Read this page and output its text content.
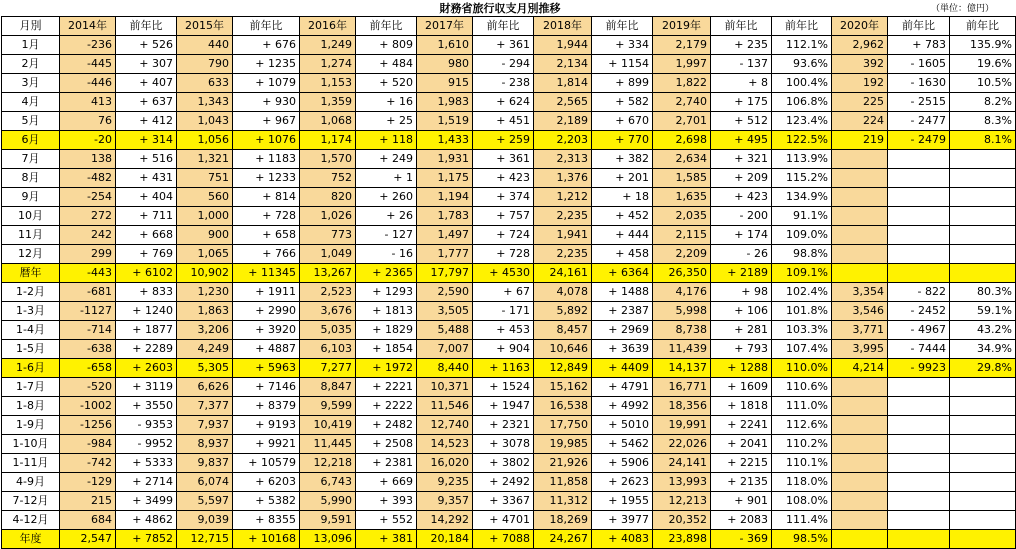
財務省旅行収支月別推移	（単位：億円）
月別	2014年	前年比	2015年	前年比	2016年	前年比	2017年	前年比	2018年	前年比	2019年	前年比	前年比	2020年	前年比	前年比
1月	-236	+ 526	440	+ 676	1,249	+ 809	1,610	+ 361	1,944	+ 334	2,179	+ 235	112.1%	2,962	+ 783	135.9%
2月	-445	+ 307	790	+ 1235	1,274	+ 484	980	- 294	2,134	+ 1154	1,997	- 137	93.6%	392	- 1605	19.6%
3月	-446	+ 407	633	+ 1079	1,153	+ 520	915	- 238	1,814	+ 899	1,822	+ 8	100.4%	192	- 1630	10.5%
4月	413	+ 637	1,343	+ 930	1,359	+ 16	1,983	+ 624	2,565	+ 582	2,740	+ 175	106.8%	225	- 2515	8.2%
5月	76	+ 412	1,043	+ 967	1,068	+ 25	1,519	+ 451	2,189	+ 670	2,701	+ 512	123.4%	224	- 2477	8.3%
6月	-20	+ 314	1,056	+ 1076	1,174	+ 118	1,433	+ 259	2,203	+ 770	2,698	+ 495	122.5%	219	- 2479	8.1%
7月	138	+ 516	1,321	+ 1183	1,570	+ 249	1,931	+ 361	2,313	+ 382	2,634	+ 321	113.9%			
8月	-482	+ 431	751	+ 1233	752	+ 1	1,175	+ 423	1,376	+ 201	1,585	+ 209	115.2%			
9月	-254	+ 404	560	+ 814	820	+ 260	1,194	+ 374	1,212	+ 18	1,635	+ 423	134.9%			
10月	272	+ 711	1,000	+ 728	1,026	+ 26	1,783	+ 757	2,235	+ 452	2,035	- 200	91.1%			
11月	242	+ 668	900	+ 658	773	- 127	1,497	+ 724	1,941	+ 444	2,115	+ 174	109.0%			
12月	299	+ 769	1,065	+ 766	1,049	- 16	1,777	+ 728	2,235	+ 458	2,209	- 26	98.8%			
暦年	-443	+ 6102	10,902	+ 11345	13,267	+ 2365	17,797	+ 4530	24,161	+ 6364	26,350	+ 2189	109.1%			
1-2月	-681	+ 833	1,230	+ 1911	2,523	+ 1293	2,590	+ 67	4,078	+ 1488	4,176	+ 98	102.4%	3,354	- 822	80.3%
1-3月	-1127	+ 1240	1,863	+ 2990	3,676	+ 1813	3,505	- 171	5,892	+ 2387	5,998	+ 106	101.8%	3,546	- 2452	59.1%
1-4月	-714	+ 1877	3,206	+ 3920	5,035	+ 1829	5,488	+ 453	8,457	+ 2969	8,738	+ 281	103.3%	3,771	- 4967	43.2%
1-5月	-638	+ 2289	4,249	+ 4887	6,103	+ 1854	7,007	+ 904	10,646	+ 3639	11,439	+ 793	107.4%	3,995	- 7444	34.9%
1-6月	-658	+ 2603	5,305	+ 5963	7,277	+ 1972	8,440	+ 1163	12,849	+ 4409	14,137	+ 1288	110.0%	4,214	- 9923	29.8%
1-7月	-520	+ 3119	6,626	+ 7146	8,847	+ 2221	10,371	+ 1524	15,162	+ 4791	16,771	+ 1609	110.6%			
1-8月	-1002	+ 3550	7,377	+ 8379	9,599	+ 2222	11,546	+ 1947	16,538	+ 4992	18,356	+ 1818	111.0%			
1-9月	-1256	- 9353	7,937	+ 9193	10,419	+ 2482	12,740	+ 2321	17,750	+ 5010	19,991	+ 2241	112.6%			
1-10月	-984	- 9952	8,937	+ 9921	11,445	+ 2508	14,523	+ 3078	19,985	+ 5462	22,026	+ 2041	110.2%			
1-11月	-742	+ 5333	9,837	+ 10579	12,218	+ 2381	16,020	+ 3802	21,926	+ 5906	24,141	+ 2215	110.1%			
4-9月	-129	+ 2714	6,074	+ 6203	6,743	+ 669	9,235	+ 2492	11,858	+ 2623	13,993	+ 2135	118.0%			
7-12月	215	+ 3499	5,597	+ 5382	5,990	+ 393	9,357	+ 3367	11,312	+ 1955	12,213	+ 901	108.0%			
4-12月	684	+ 4862	9,039	+ 8355	9,591	+ 552	14,292	+ 4701	18,269	+ 3977	20,352	+ 2083	111.4%			
年度	2,547	+ 7852	12,715	+ 10168	13,096	+ 381	20,184	+ 7088	24,267	+ 4083	23,898	- 369	98.5%			
